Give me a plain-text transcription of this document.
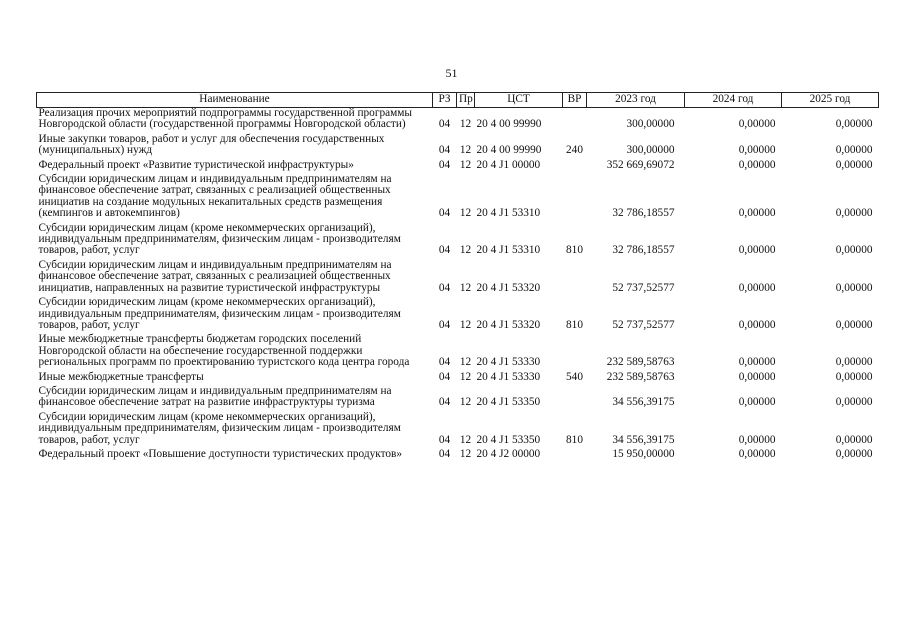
51
Наименование	РЗ	Пр	ЦСТ	ВР	2023 год	2024 год	2025 год
Реализация прочих мероприятий подпрограммы государственной программы Новгородской области (государственной программы Новгородской области)	04	12	20 4 00 99990		300,00000	0,00000	0,00000
Иные закупки товаров, работ и услуг для обеспечения государственных (муниципальных) нужд	04	12	20 4 00 99990	240	300,00000	0,00000	0,00000
Федеральный проект «Развитие туристической инфраструктуры»	04	12	20 4 J1 00000		352 669,69072	0,00000	0,00000
Субсидии юридическим лицам и индивидуальным предпринимателям на финансовое обеспечение затрат, связанных с реализацией общественных инициатив на создание модульных некапитальных средств размещения (кемпингов и автокемпингов)	04	12	20 4 J1 53310		32 786,18557	0,00000	0,00000
Субсидии юридическим лицам (кроме некоммерческих организаций), индивидуальным предпринимателям, физическим лицам - производителям товаров, работ, услуг	04	12	20 4 J1 53310	810	32 786,18557	0,00000	0,00000
Субсидии юридическим лицам и индивидуальным предпринимателям на финансовое обеспечение затрат, связанных с реализацией общественных инициатив, направленных на развитие туристической инфраструктуры	04	12	20 4 J1 53320		52 737,52577	0,00000	0,00000
Субсидии юридическим лицам (кроме некоммерческих организаций), индивидуальным предпринимателям, физическим лицам - производителям товаров, работ, услуг	04	12	20 4 J1 53320	810	52 737,52577	0,00000	0,00000
Иные межбюджетные трансферты бюджетам городских поселений Новгородской области на обеспечение государственной поддержки региональных программ по проектированию туристского кода центра города	04	12	20 4 J1 53330		232 589,58763	0,00000	0,00000
Иные межбюджетные трансферты	04	12	20 4 J1 53330	540	232 589,58763	0,00000	0,00000
Субсидии юридическим лицам и индивидуальным предпринимателям на финансовое обеспечение затрат на развитие инфраструктуры туризма	04	12	20 4 J1 53350		34 556,39175	0,00000	0,00000
Субсидии юридическим лицам (кроме некоммерческих организаций), индивидуальным предпринимателям, физическим лицам - производителям товаров, работ, услуг	04	12	20 4 J1 53350	810	34 556,39175	0,00000	0,00000
Федеральный проект «Повышение доступности туристических продуктов»	04	12	20 4 J2 00000		15 950,00000	0,00000	0,00000
